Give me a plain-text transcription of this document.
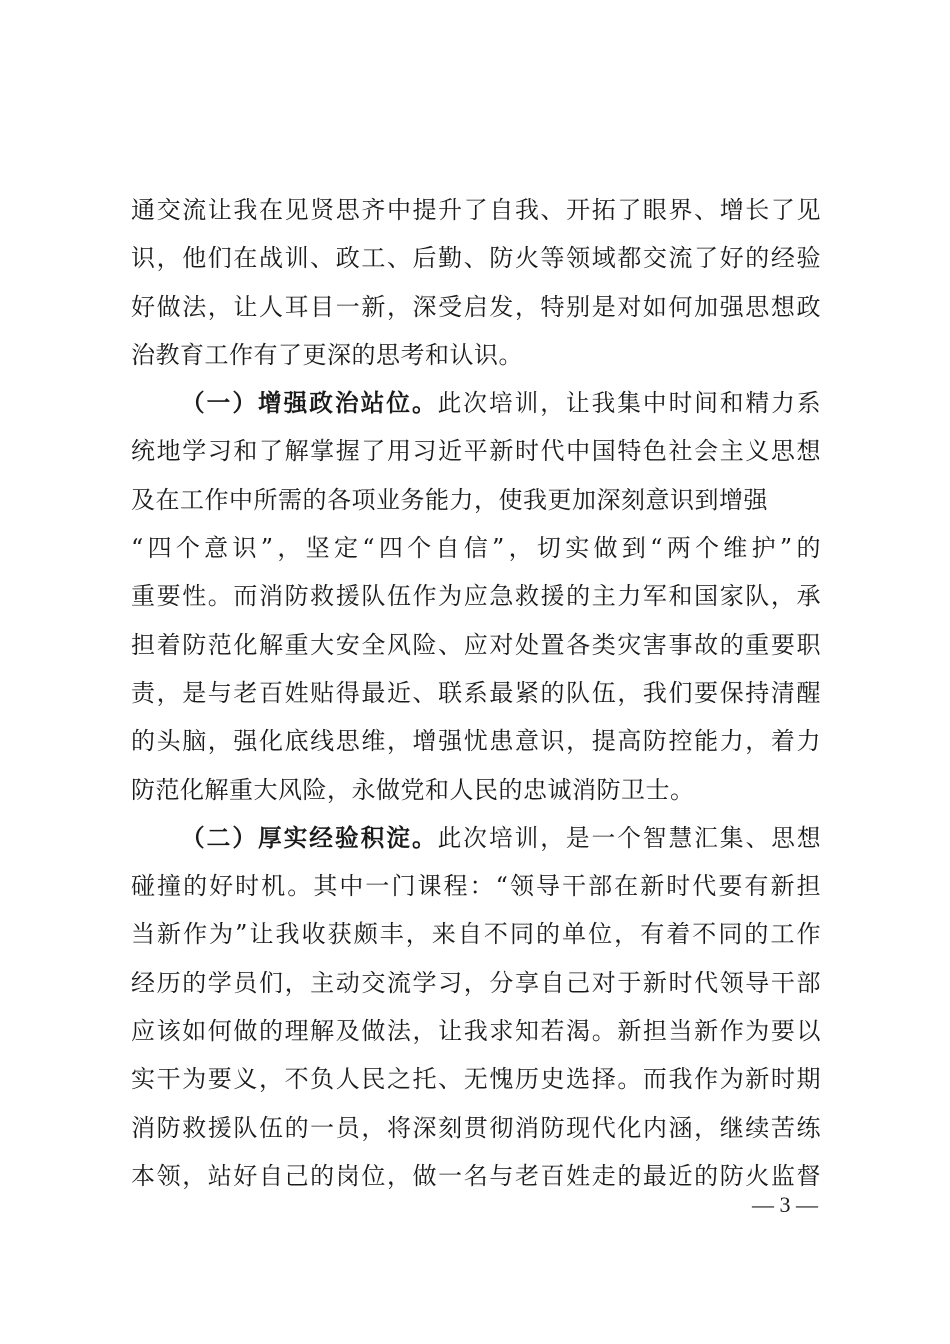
通交流让我在见贤思齐中提升了自我、开拓了眼界、增长了见
识，他们在战训、政工、后勤、防火等领域都交流了好的经验
好做法，让人耳目一新，深受启发，特别是对如何加强思想政
治教育工作有了更深的思考和认识。
（一）增强政治站位。此次培训，让我集中时间和精力系
统地学习和了解掌握了用习近平新时代中国特色社会主义思想
及在工作中所需的各项业务能力，使我更加深刻意识到增强
“四个意识”，坚定“四个自信”，切实做到“两个维护”的
重要性。而消防救援队伍作为应急救援的主力军和国家队，承
担着防范化解重大安全风险、应对处置各类灾害事故的重要职
责，是与老百姓贴得最近、联系最紧的队伍，我们要保持清醒
的头脑，强化底线思维，增强忧患意识，提高防控能力，着力
防范化解重大风险，永做党和人民的忠诚消防卫士。
（二）厚实经验积淀。此次培训，是一个智慧汇集、思想
碰撞的好时机。其中一门课程：“领导干部在新时代要有新担
当新作为”让我收获颇丰，来自不同的单位，有着不同的工作
经历的学员们，主动交流学习，分享自己对于新时代领导干部
应该如何做的理解及做法，让我求知若渴。新担当新作为要以
实干为要义，不负人民之托、无愧历史选择。而我作为新时期
消防救援队伍的一员，将深刻贯彻消防现代化内涵，继续苦练
本领，站好自己的岗位，做一名与老百姓走的最近的防火监督
— 3 —
